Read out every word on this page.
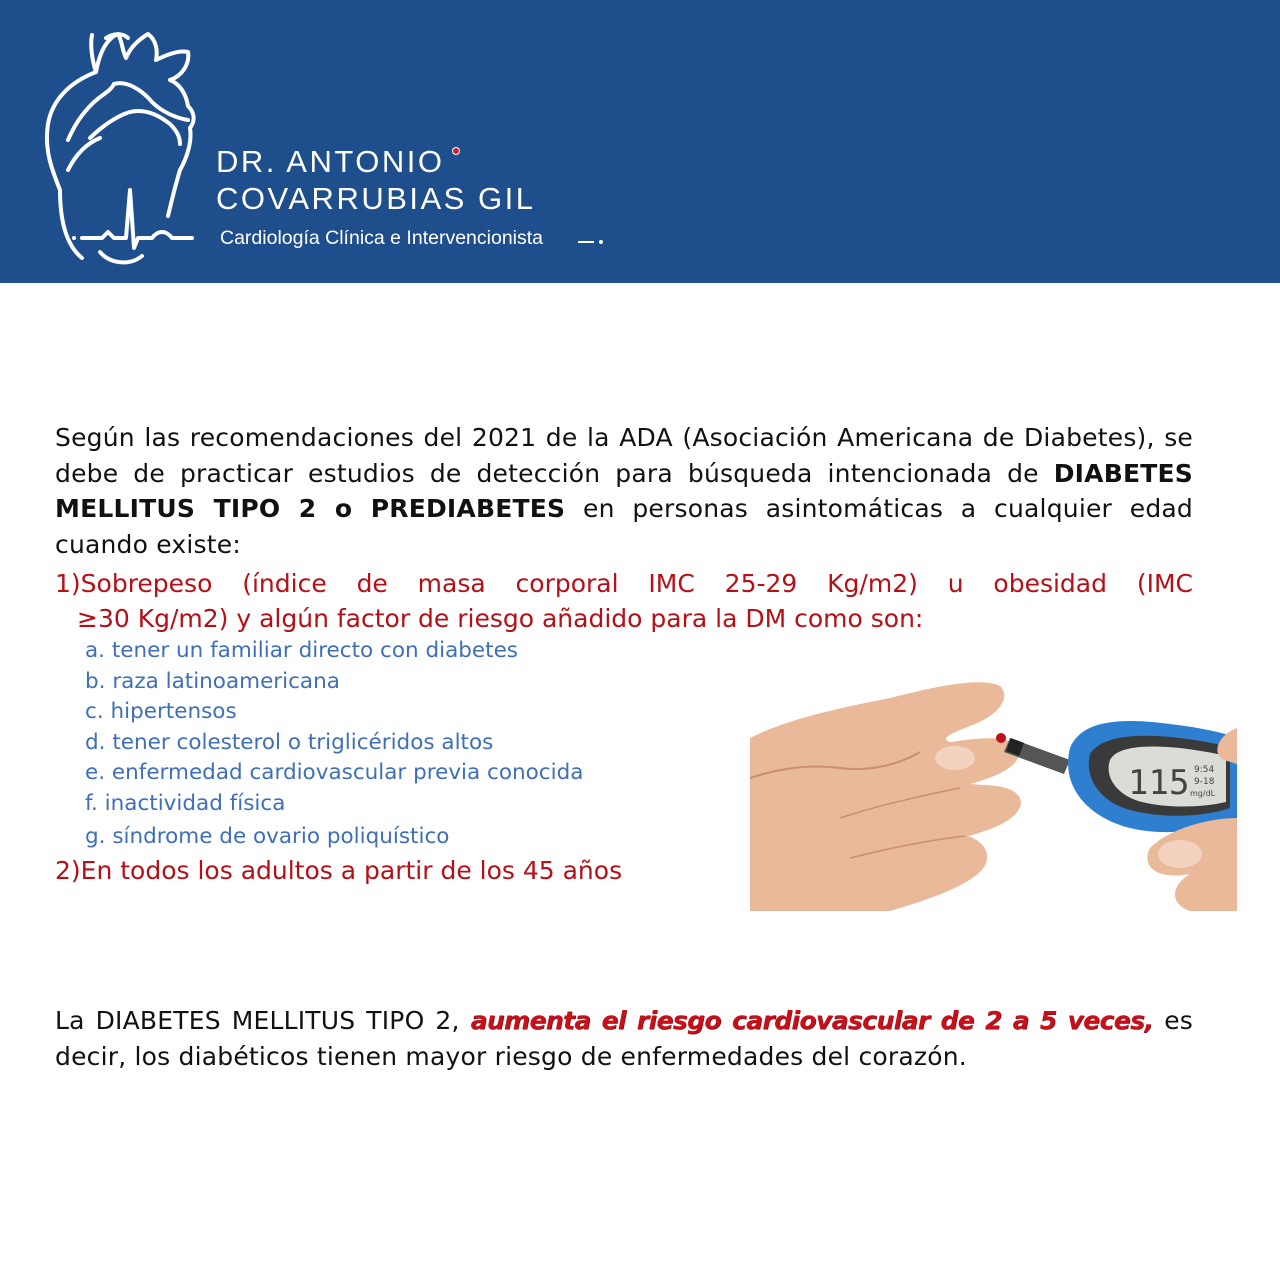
DR. ANTONIO
COVARRUBIAS GIL
Cardiología Clínica e Intervencionista

Según las recomendaciones del 2021 de la ADA (Asociación Americana de Diabetes), se debe de practicar estudios de detección para búsqueda intencionada de DIABETES MELLITUS TIPO 2 o PREDIABETES en personas asintomáticas a cualquier edad cuando existe:

1)Sobrepeso (índice de masa corporal IMC 25-29 Kg/m2) u obesidad (IMC
≥30 Kg/m2) y algún factor de riesgo añadido para la DM como son:
a. tener un familiar directo con diabetes
b. raza latinoamericana
c. hipertensos
d. tener colesterol o triglicéridos altos
e. enfermedad cardiovascular previa conocida
f. inactividad física
g. síndrome de ovario poliquístico
2)En todos los adultos a partir de los 45 años

La DIABETES MELLITUS TIPO 2, aumenta el riesgo cardiovascular de 2 a 5 veces, es decir, los diabéticos tienen mayor riesgo de enfermedades del corazón.

115 9:54
9-18
mg/dL
